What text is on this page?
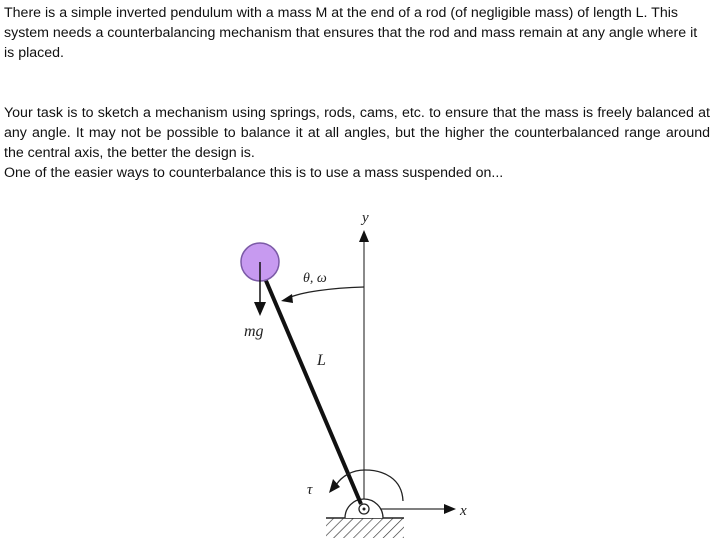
There is a simple inverted pendulum with a mass M at the end of a rod (of negligible mass) of length L. This system needs a counterbalancing mechanism that ensures that the rod and mass remain at any angle where it is placed.

Your task is to sketch a mechanism using springs, rods, cams, etc. to ensure that the mass is freely balanced at any angle. It may not be possible to balance it at all angles, but the higher the counterbalanced range around the central axis, the better the design is.

One of the easier ways to counterbalance this is to use a mass suspended on...

y
x
τ
θ, ω
mg
L
